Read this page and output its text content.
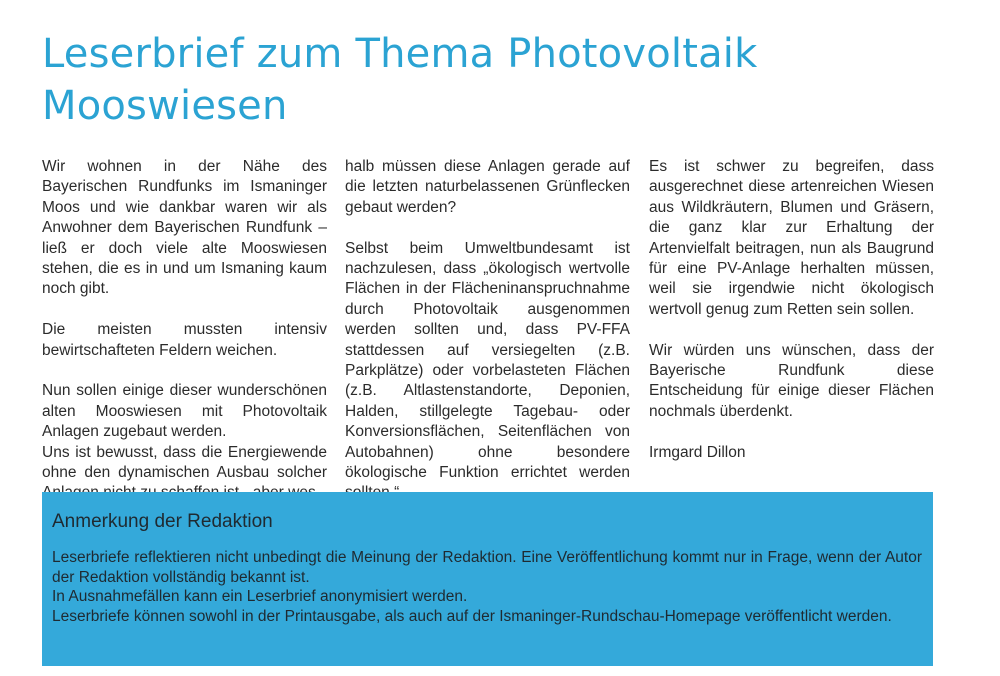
Leserbrief zum Thema Photovoltaik Mooswiesen

Wir wohnen in der Nähe des Bayerischen Rundfunks im Ismaninger Moos und wie dankbar waren wir als Anwohner dem Bayerischen Rundfunk – ließ er doch viele alte Mooswiesen stehen, die es in und um Ismaning kaum noch gibt.

Die meisten mussten intensiv bewirtschafteten Feldern weichen.

Nun sollen einige dieser wunderschönen alten Mooswiesen mit Photovoltaik Anlagen zugebaut werden.

Uns ist bewusst, dass die Energiewende ohne den dynamischen Ausbau solcher

halb müssen diese Anlagen gerade auf die letzten naturbelassenen Grünflecken gebaut werden?

Selbst beim Umweltbundesamt ist nachzulesen, dass „ökologisch wertvolle Flächen in der Flächeninanspruchnahme durch Photovoltaik ausgenommen werden sollten und, dass PV-FFA stattdessen auf versiegelten (z.B. Parkplätze) oder vorbelasteten Flächen (z.B. Altlastenstandorte, Deponien, Halden, stillgelegte Tagebau- oder Konversionsflächen, Seitenflächen von Autobahnen) ohne besondere ökologische Funktion errichtet werden

Es ist schwer zu begreifen, dass ausgerechnet diese artenreichen Wiesen aus Wildkräutern, Blumen und Gräsern, die ganz klar zur Erhaltung der Artenvielfalt beitragen, nun als Baugrund für eine PV-Anlage herhalten müssen, weil sie irgendwie nicht ökologisch wertvoll genug zum Retten sein sollen.

Wir würden uns wünschen, dass der Bayerische Rundfunk diese Entscheidung für einige dieser Flächen nochmals überdenkt.

Irmgard Dillon

Anmerkung der Redaktion

Leserbriefe reflektieren nicht unbedingt die Meinung der Redaktion. Eine Veröffentlichung kommt nur in Frage, wenn der Autor der Redaktion vollständig bekannt ist.

In Ausnahmefällen kann ein Leserbrief anonymisiert werden.

Leserbriefe können sowohl in der Printausgabe, als auch auf der Ismaninger-Rundschau-Homepage veröffentlicht werden.
